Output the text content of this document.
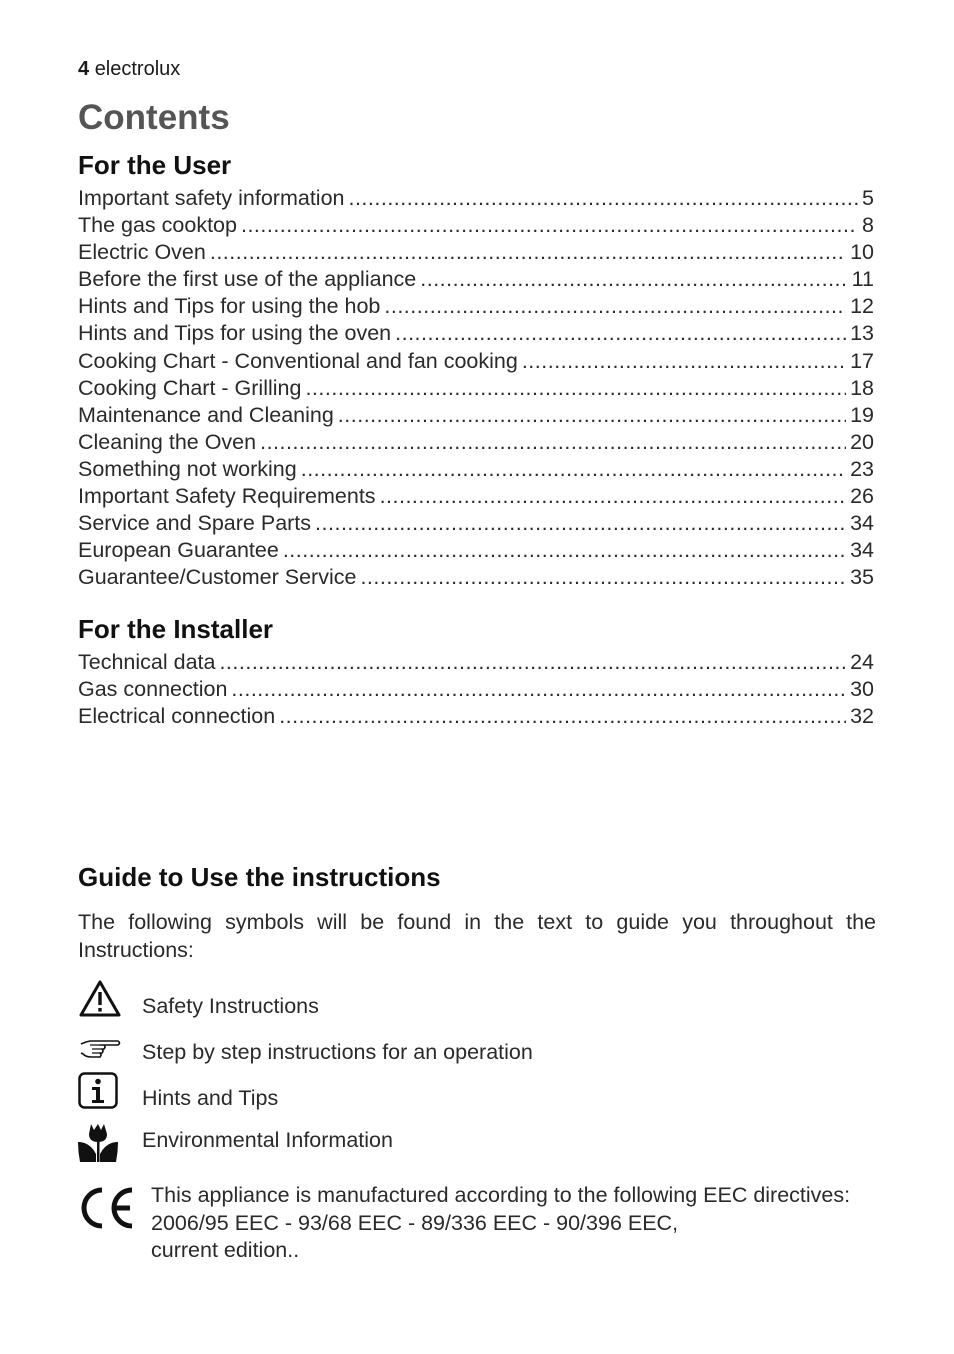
4 electrolux
Contents
For the User
Important safety information .....	5
The gas cooktop .....	8
Electric Oven .....	10
Before the first use of the appliance .....	11
Hints and Tips for using the hob .....	12
Hints and Tips for using the oven .....	13
Cooking Chart - Conventional and fan cooking .....	17
Cooking Chart - Grilling .....	18
Maintenance and Cleaning .....	19
Cleaning the Oven .....	20
Something not working .....	23
Important Safety Requirements .....	26
Service and Spare Parts .....	34
European Guarantee .....	34
Guarantee/Customer Service .....	35
For the Installer
Technical data .....	24
Gas connection .....	30
Electrical connection .....	32
Guide to Use the instructions
The following symbols will be found in the text to guide you throughout the Instructions:
Safety Instructions
Step by step instructions for an operation
Hints and Tips
Environmental Information
This appliance is manufactured according to the following EEC directives:
2006/95 EEC - 93/68 EEC - 89/336 EEC - 90/396 EEC,
current edition..
